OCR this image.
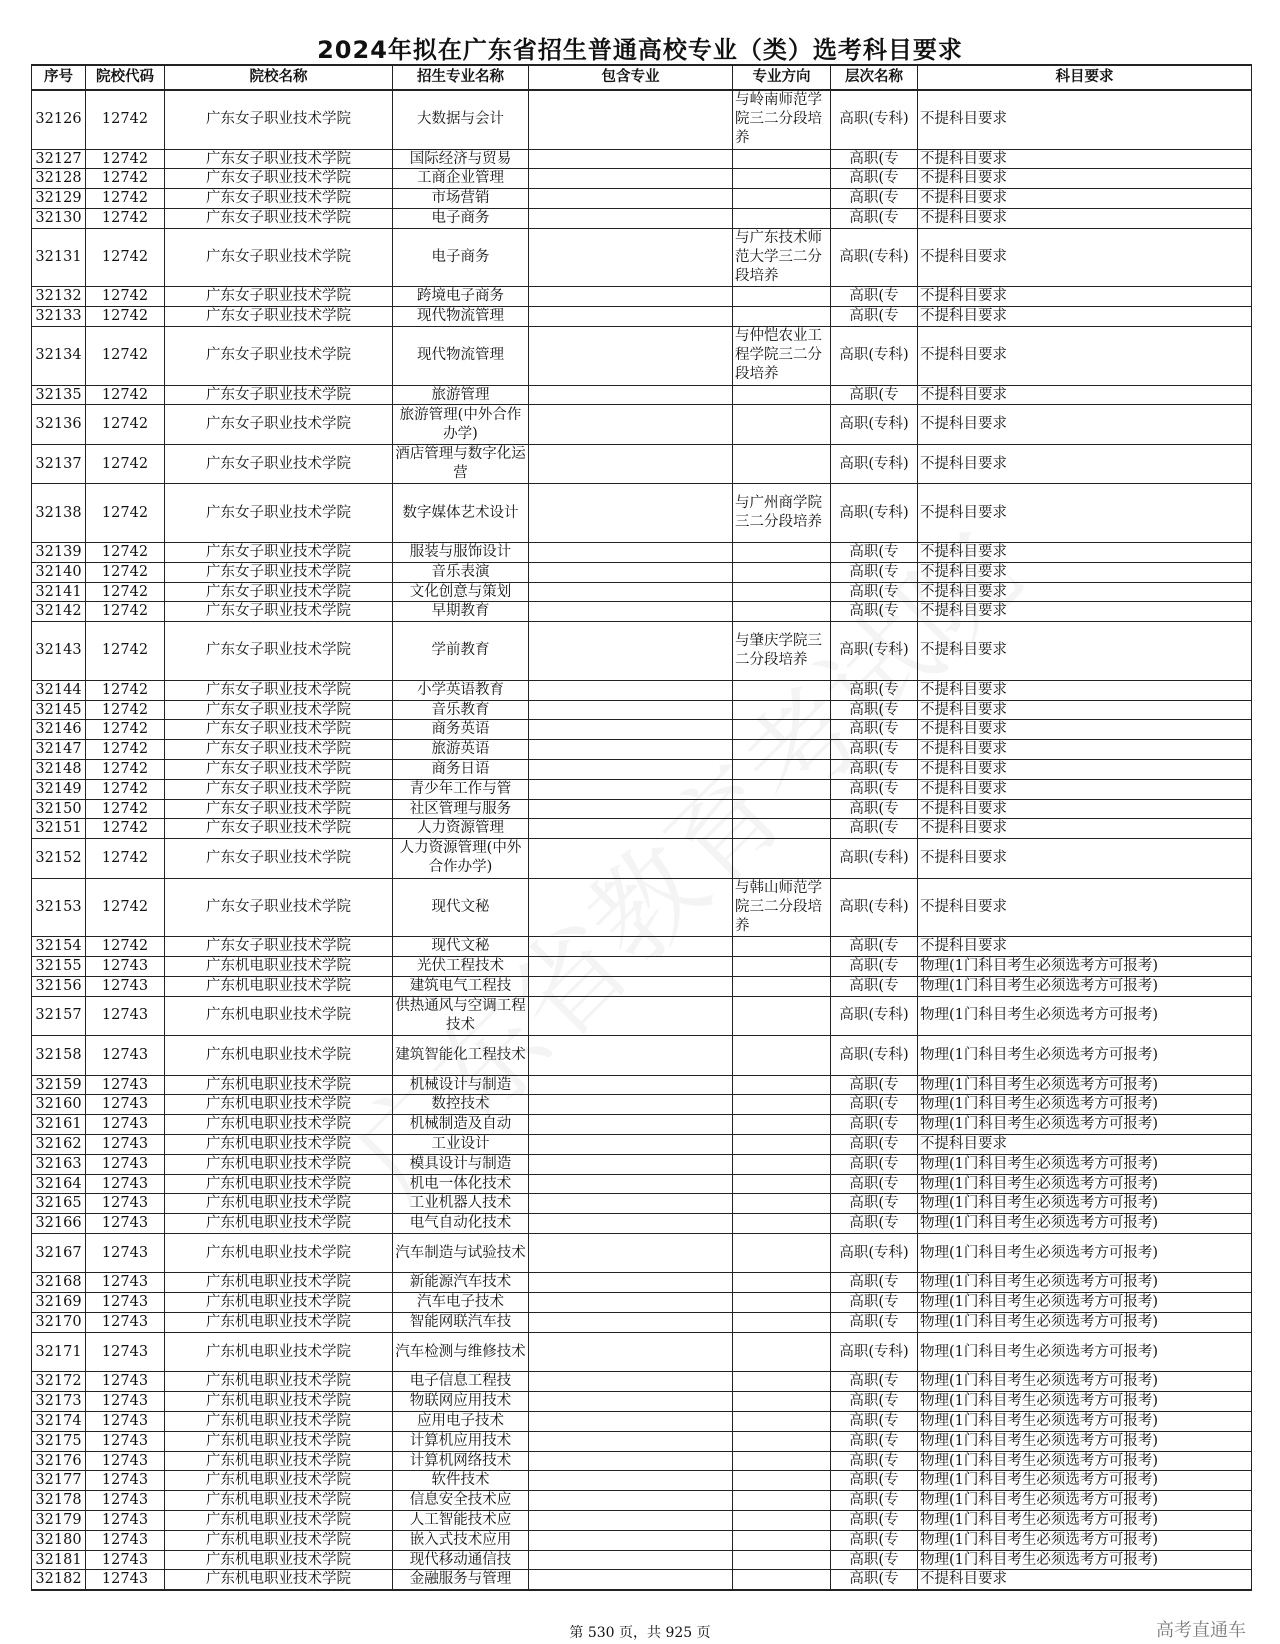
2024年拟在广东省招生普通高校专业（类）选考科目要求
序号	院校代码	院校名称	招生专业名称	包含专业	专业方向	层次名称	科目要求
32126	12742	广东女子职业技术学院	大数据与会计		与岭南师范学院三二分段培养	高职(专科)	不提科目要求
32127	12742	广东女子职业技术学院	国际经济与贸易			高职(专	不提科目要求
32128	12742	广东女子职业技术学院	工商企业管理			高职(专	不提科目要求
32129	12742	广东女子职业技术学院	市场营销			高职(专	不提科目要求
32130	12742	广东女子职业技术学院	电子商务			高职(专	不提科目要求
32131	12742	广东女子职业技术学院	电子商务		与广东技术师范大学三二分段培养	高职(专科)	不提科目要求
32132	12742	广东女子职业技术学院	跨境电子商务			高职(专	不提科目要求
32133	12742	广东女子职业技术学院	现代物流管理			高职(专	不提科目要求
32134	12742	广东女子职业技术学院	现代物流管理		与仲恺农业工程学院三二分段培养	高职(专科)	不提科目要求
32135	12742	广东女子职业技术学院	旅游管理			高职(专	不提科目要求
32136	12742	广东女子职业技术学院	旅游管理(中外合作办学)			高职(专科)	不提科目要求
32137	12742	广东女子职业技术学院	酒店管理与数字化运营			高职(专科)	不提科目要求
32138	12742	广东女子职业技术学院	数字媒体艺术设计		与广州商学院三二分段培养	高职(专科)	不提科目要求
32139	12742	广东女子职业技术学院	服装与服饰设计			高职(专	不提科目要求
32140	12742	广东女子职业技术学院	音乐表演			高职(专	不提科目要求
32141	12742	广东女子职业技术学院	文化创意与策划			高职(专	不提科目要求
32142	12742	广东女子职业技术学院	早期教育			高职(专	不提科目要求
32143	12742	广东女子职业技术学院	学前教育		与肇庆学院三二分段培养	高职(专科)	不提科目要求
32144	12742	广东女子职业技术学院	小学英语教育			高职(专	不提科目要求
32145	12742	广东女子职业技术学院	音乐教育			高职(专	不提科目要求
32146	12742	广东女子职业技术学院	商务英语			高职(专	不提科目要求
32147	12742	广东女子职业技术学院	旅游英语			高职(专	不提科目要求
32148	12742	广东女子职业技术学院	商务日语			高职(专	不提科目要求
32149	12742	广东女子职业技术学院	青少年工作与管			高职(专	不提科目要求
32150	12742	广东女子职业技术学院	社区管理与服务			高职(专	不提科目要求
32151	12742	广东女子职业技术学院	人力资源管理			高职(专	不提科目要求
32152	12742	广东女子职业技术学院	人力资源管理(中外合作办学)			高职(专科)	不提科目要求
32153	12742	广东女子职业技术学院	现代文秘		与韩山师范学院三二分段培养	高职(专科)	不提科目要求
32154	12742	广东女子职业技术学院	现代文秘			高职(专	不提科目要求
32155	12743	广东机电职业技术学院	光伏工程技术			高职(专	物理(1门科目考生必须选考方可报考)
32156	12743	广东机电职业技术学院	建筑电气工程技			高职(专	物理(1门科目考生必须选考方可报考)
32157	12743	广东机电职业技术学院	供热通风与空调工程技术			高职(专科)	物理(1门科目考生必须选考方可报考)
32158	12743	广东机电职业技术学院	建筑智能化工程技术			高职(专科)	物理(1门科目考生必须选考方可报考)
32159	12743	广东机电职业技术学院	机械设计与制造			高职(专	物理(1门科目考生必须选考方可报考)
32160	12743	广东机电职业技术学院	数控技术			高职(专	物理(1门科目考生必须选考方可报考)
32161	12743	广东机电职业技术学院	机械制造及自动			高职(专	物理(1门科目考生必须选考方可报考)
32162	12743	广东机电职业技术学院	工业设计			高职(专	不提科目要求
32163	12743	广东机电职业技术学院	模具设计与制造			高职(专	物理(1门科目考生必须选考方可报考)
32164	12743	广东机电职业技术学院	机电一体化技术			高职(专	物理(1门科目考生必须选考方可报考)
32165	12743	广东机电职业技术学院	工业机器人技术			高职(专	物理(1门科目考生必须选考方可报考)
32166	12743	广东机电职业技术学院	电气自动化技术			高职(专	物理(1门科目考生必须选考方可报考)
32167	12743	广东机电职业技术学院	汽车制造与试验技术			高职(专科)	物理(1门科目考生必须选考方可报考)
32168	12743	广东机电职业技术学院	新能源汽车技术			高职(专	物理(1门科目考生必须选考方可报考)
32169	12743	广东机电职业技术学院	汽车电子技术			高职(专	物理(1门科目考生必须选考方可报考)
32170	12743	广东机电职业技术学院	智能网联汽车技			高职(专	物理(1门科目考生必须选考方可报考)
32171	12743	广东机电职业技术学院	汽车检测与维修技术			高职(专科)	物理(1门科目考生必须选考方可报考)
32172	12743	广东机电职业技术学院	电子信息工程技			高职(专	物理(1门科目考生必须选考方可报考)
32173	12743	广东机电职业技术学院	物联网应用技术			高职(专	物理(1门科目考生必须选考方可报考)
32174	12743	广东机电职业技术学院	应用电子技术			高职(专	物理(1门科目考生必须选考方可报考)
32175	12743	广东机电职业技术学院	计算机应用技术			高职(专	物理(1门科目考生必须选考方可报考)
32176	12743	广东机电职业技术学院	计算机网络技术			高职(专	物理(1门科目考生必须选考方可报考)
32177	12743	广东机电职业技术学院	软件技术			高职(专	物理(1门科目考生必须选考方可报考)
32178	12743	广东机电职业技术学院	信息安全技术应			高职(专	物理(1门科目考生必须选考方可报考)
32179	12743	广东机电职业技术学院	人工智能技术应			高职(专	物理(1门科目考生必须选考方可报考)
32180	12743	广东机电职业技术学院	嵌入式技术应用			高职(专	物理(1门科目考生必须选考方可报考)
32181	12743	广东机电职业技术学院	现代移动通信技			高职(专	物理(1门科目考生必须选考方可报考)
32182	12743	广东机电职业技术学院	金融服务与管理			高职(专	不提科目要求
第 530 页，共 925 页	高考直通车
